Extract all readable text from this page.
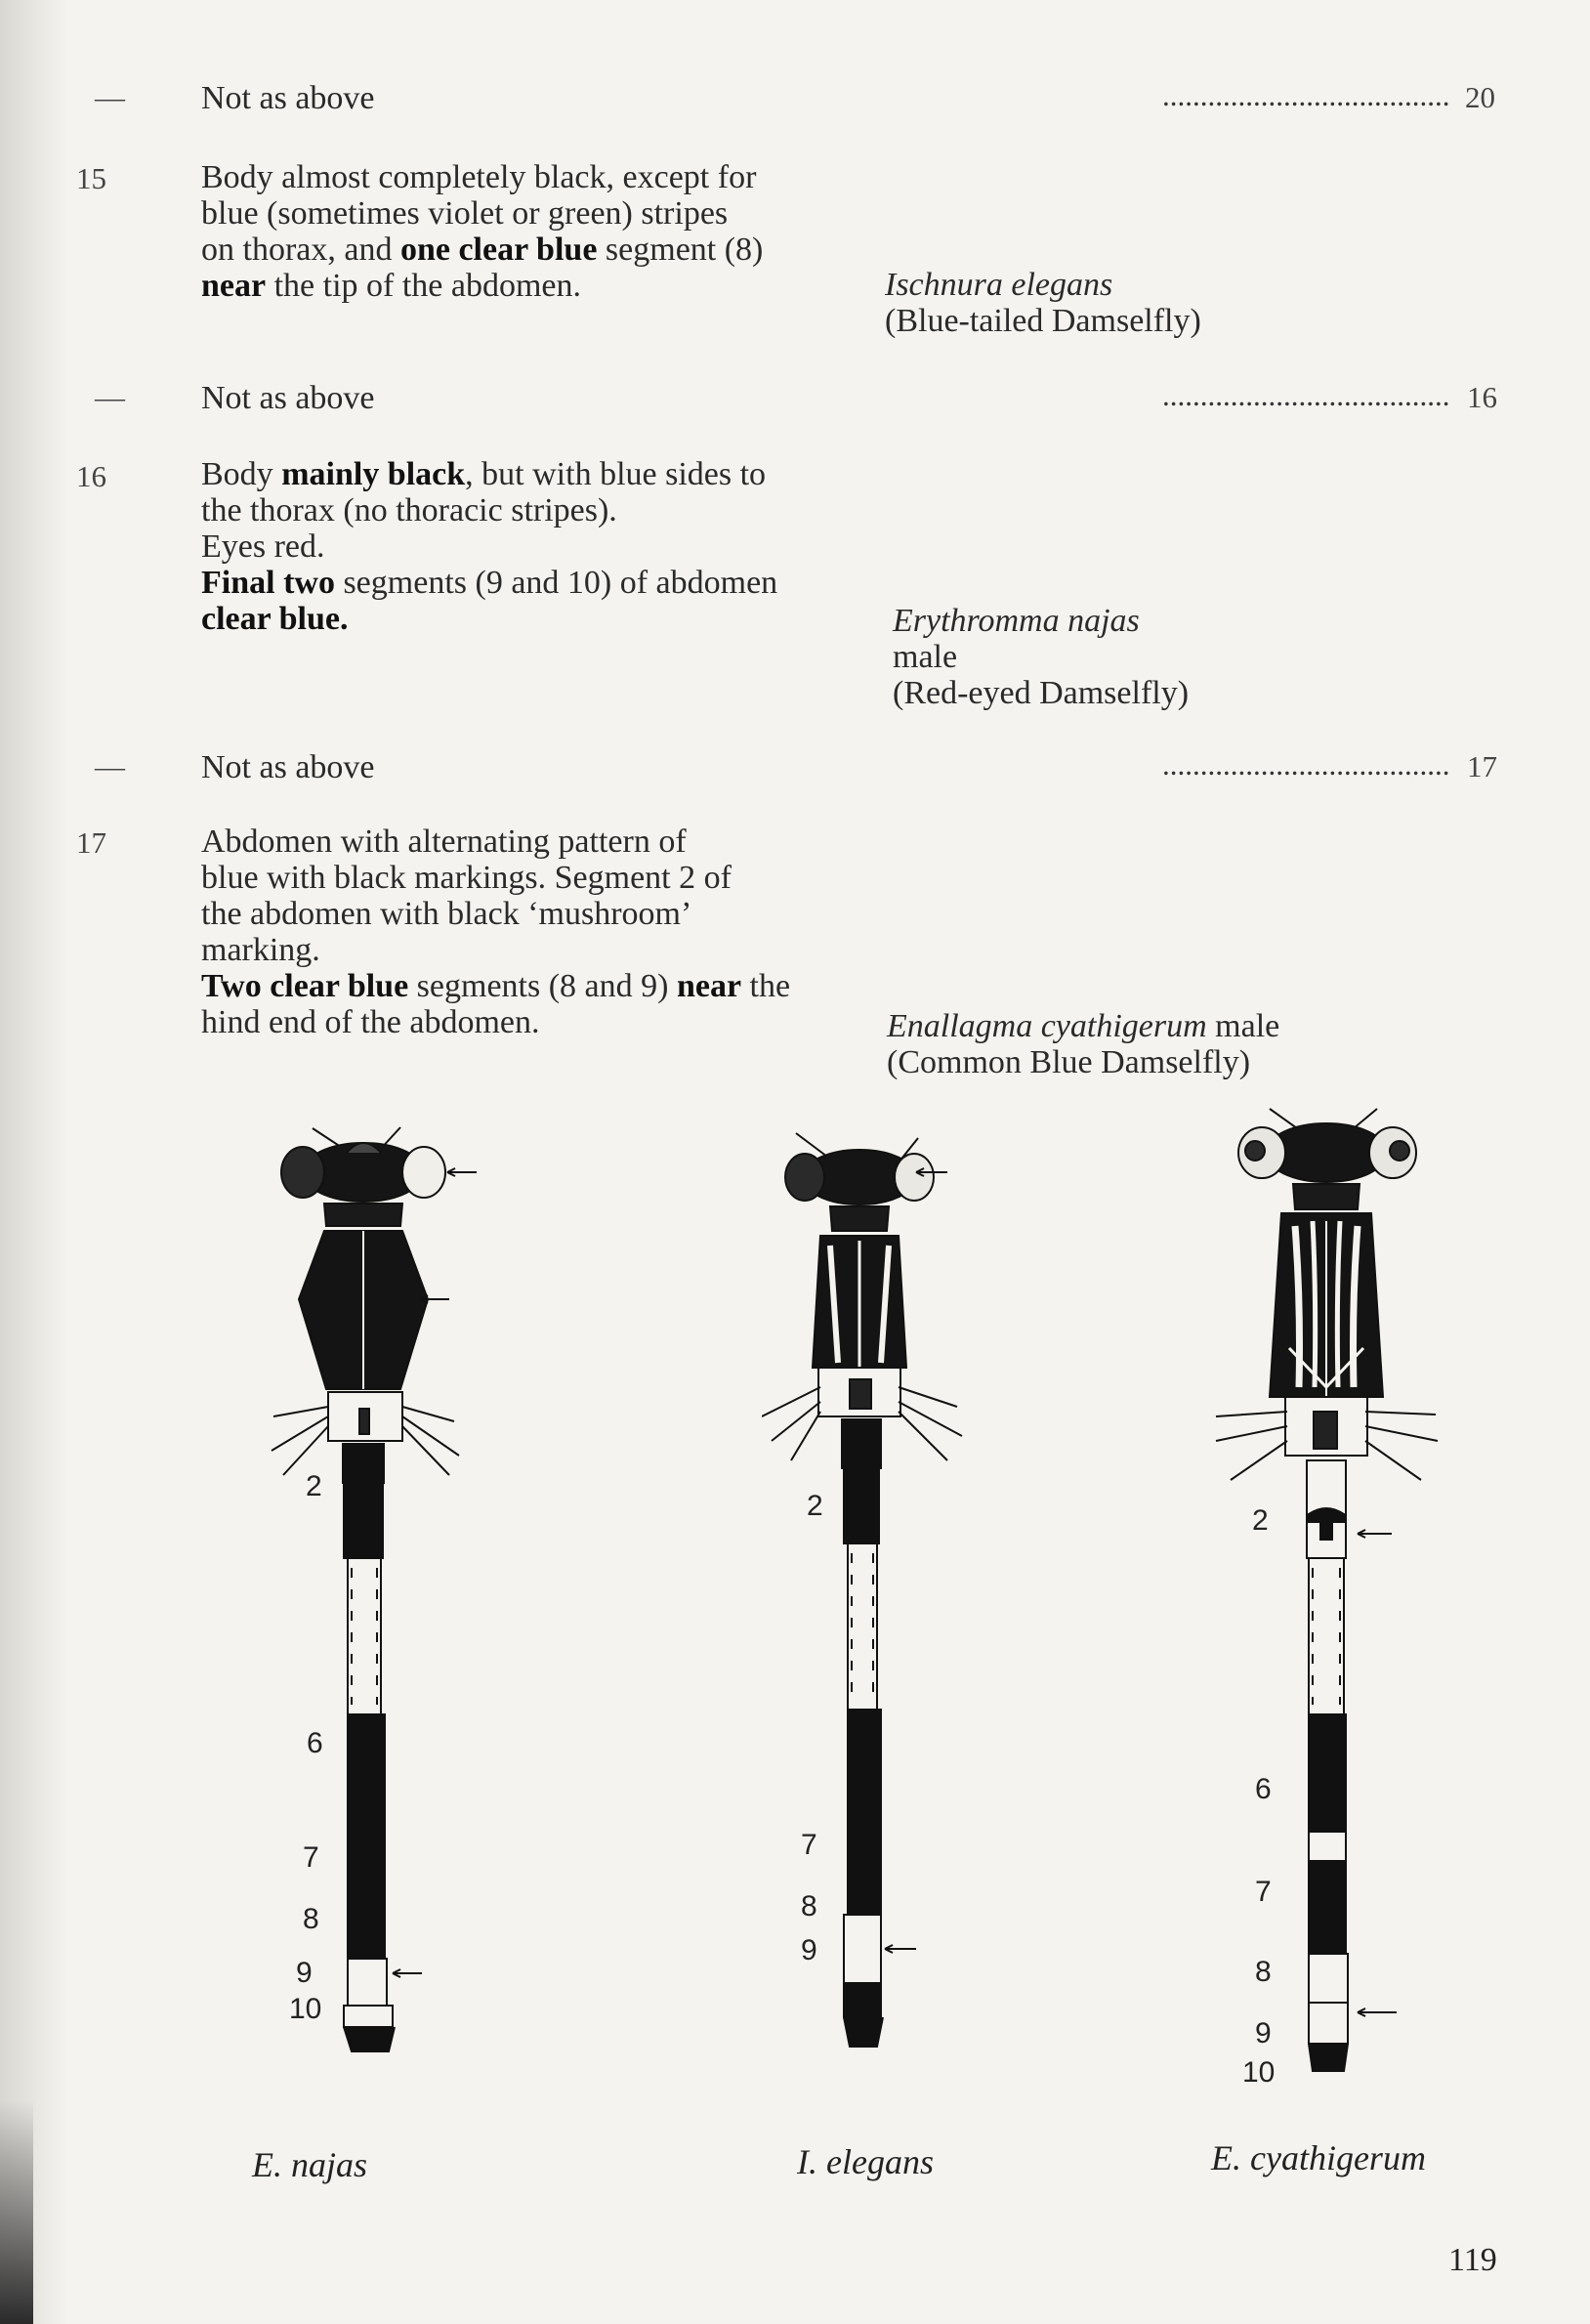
— Not as above	...................................... 20
15	Body almost completely black, except for
blue (sometimes violet or green) stripes
on thorax, and one clear blue segment (8)
near the tip of the abdomen.	Ischnura elegans
(Blue-tailed Damselfly)
— Not as above	...................................... 16
16	Body mainly black, but with blue sides to
the thorax (no thoracic stripes).
Eyes red.
Final two segments (9 and 10) of abdomen
clear blue.	Erythromma najas
male
(Red-eyed Damselfly)
— Not as above	...................................... 17
17	Abdomen with alternating pattern of
blue with black markings. Segment 2 of
the abdomen with black ‘mushroom’
marking.
Two clear blue segments (8 and 9) near the
hind end of the abdomen.	Enallagma cyathigerum male
(Common Blue Damselfly)
2
6
7
8
9
10
E. najas
2
7
8
9
I. elegans
2
6
7
8
9
10
E. cyathigerum
119
